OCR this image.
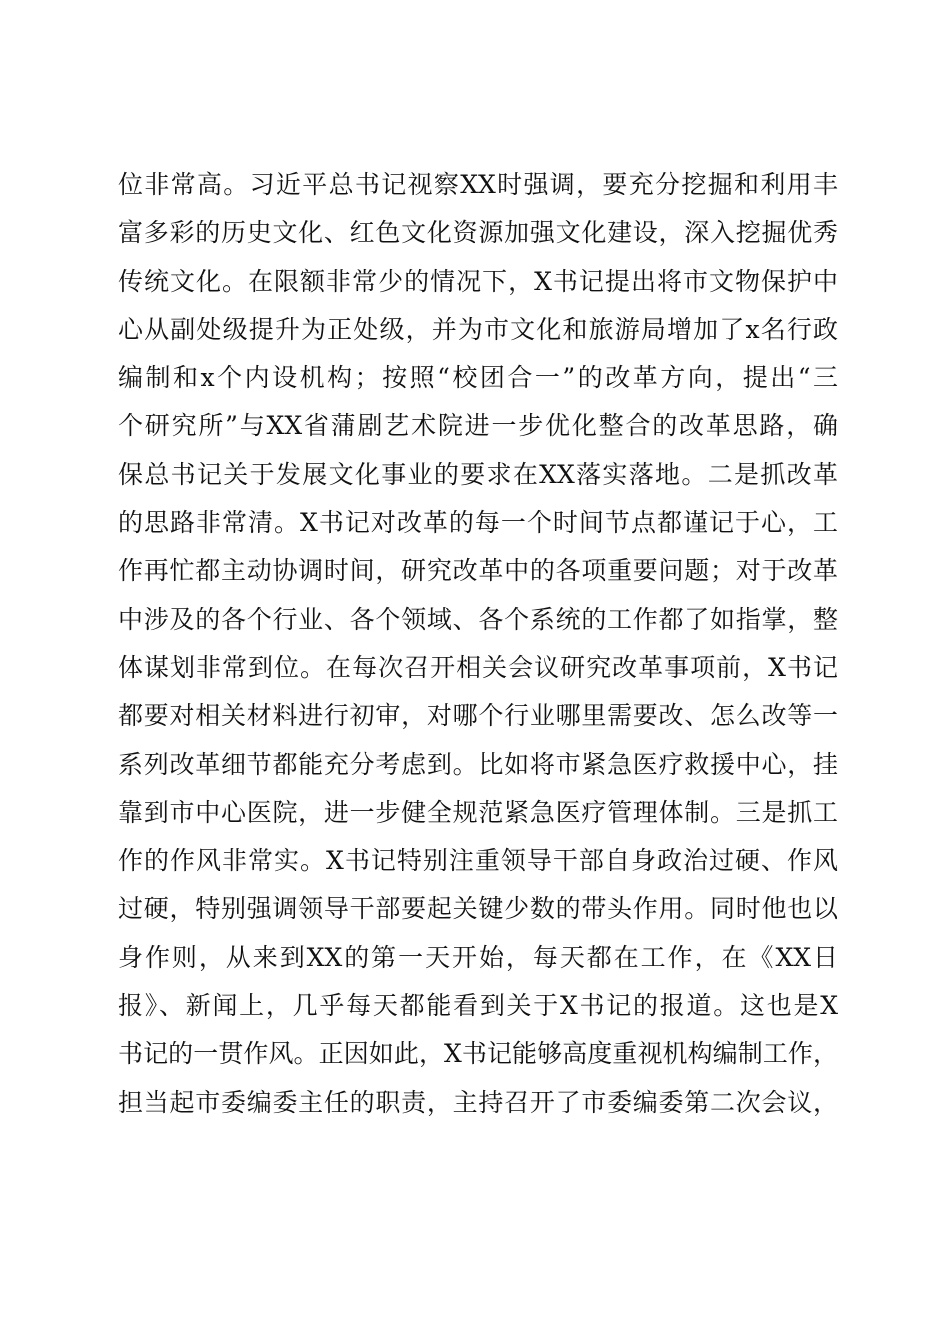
位非常高。习近平总书记视察XX时强调，要充分挖掘和利用丰
富多彩的历史文化、红色文化资源加强文化建设，深入挖掘优秀
传统文化。在限额非常少的情况下，X书记提出将市文物保护中
心从副处级提升为正处级，并为市文化和旅游局增加了x名行政
编制和x个内设机构；按照“校团合一”的改革方向，提出“三
个研究所”与XX省蒲剧艺术院进一步优化整合的改革思路，确
保总书记关于发展文化事业的要求在XX落实落地。二是抓改革
的思路非常清。X书记对改革的每一个时间节点都谨记于心，工
作再忙都主动协调时间，研究改革中的各项重要问题；对于改革
中涉及的各个行业、各个领域、各个系统的工作都了如指掌，整
体谋划非常到位。在每次召开相关会议研究改革事项前，X书记
都要对相关材料进行初审，对哪个行业哪里需要改、怎么改等一
系列改革细节都能充分考虑到。比如将市紧急医疗救援中心，挂
靠到市中心医院，进一步健全规范紧急医疗管理体制。三是抓工
作的作风非常实。X书记特别注重领导干部自身政治过硬、作风
过硬，特别强调领导干部要起关键少数的带头作用。同时他也以
身作则，从来到XX的第一天开始，每天都在工作，在《XX日
报》、新闻上，几乎每天都能看到关于X书记的报道。这也是X
书记的一贯作风。正因如此，X书记能够高度重视机构编制工作，
担当起市委编委主任的职责，主持召开了市委编委第二次会议，
